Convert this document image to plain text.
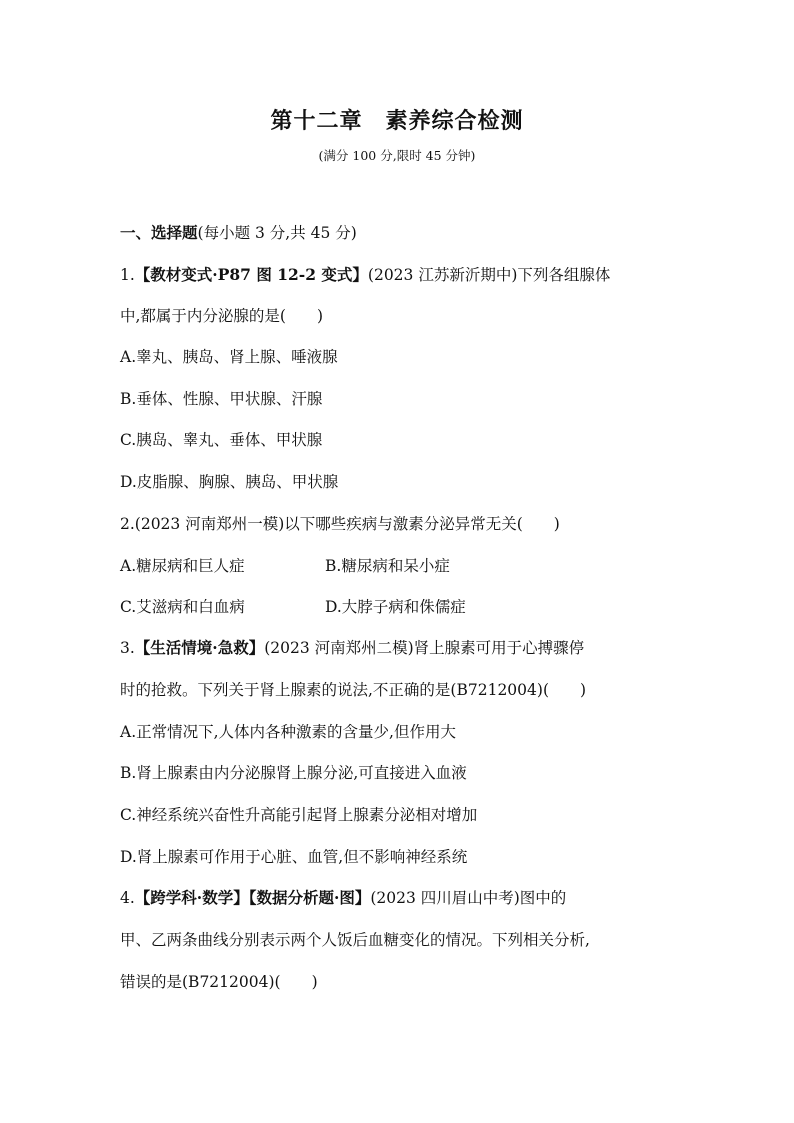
第十二章　素养综合检测
(满分 100 分,限时 45 分钟)
一、选择题(每小题 3 分,共 45 分)
1.【教材变式·P87 图 12-2 变式】(2023 江苏新沂期中)下列各组腺体
中,都属于内分泌腺的是(　　)
A.睾丸、胰岛、肾上腺、唾液腺
B.垂体、性腺、甲状腺、汗腺
C.胰岛、睾丸、垂体、甲状腺
D.皮脂腺、胸腺、胰岛、甲状腺
2.(2023 河南郑州一模)以下哪些疾病与激素分泌异常无关(　　)
A.糖尿病和巨人症	B.糖尿病和呆小症
C.艾滋病和白血病	D.大脖子病和侏儒症
3.【生活情境·急救】(2023 河南郑州二模)肾上腺素可用于心搏骤停
时的抢救。下列关于肾上腺素的说法,不正确的是(B7212004)(　　)
A.正常情况下,人体内各种激素的含量少,但作用大
B.肾上腺素由内分泌腺肾上腺分泌,可直接进入血液
C.神经系统兴奋性升高能引起肾上腺素分泌相对增加
D.肾上腺素可作用于心脏、血管,但不影响神经系统
4.【跨学科·数学】【数据分析题·图】(2023 四川眉山中考)图中的
甲、乙两条曲线分别表示两个人饭后血糖变化的情况。下列相关分析,
错误的是(B7212004)(　　)
